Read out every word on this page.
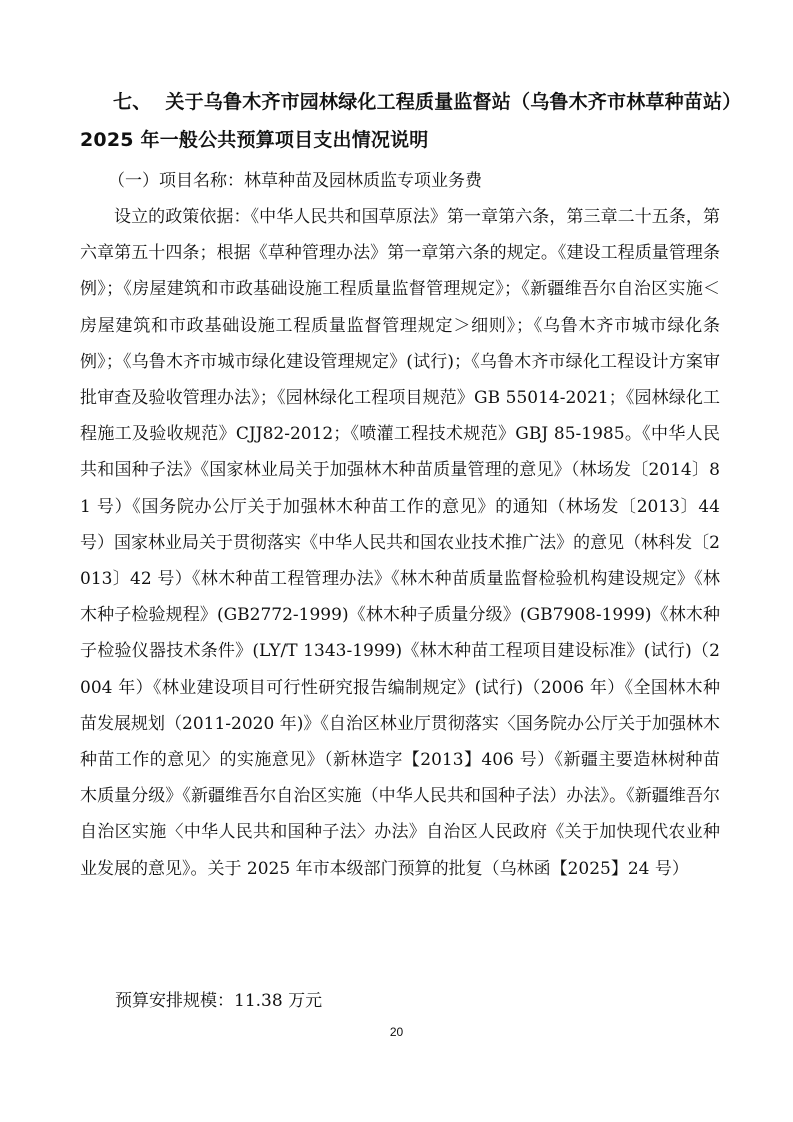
七、 关于乌鲁木齐市园林绿化工程质量监督站（乌鲁木齐市林草种苗站）
2025 年一般公共预算项目支出情况说明
（一）项目名称：林草种苗及园林质监专项业务费
设立的政策依据：《中华人民共和国草原法》第一章第六条，第三章二十五条，第六章第五十四条；根据《草种管理办法》第一章第六条的规定。《建设工程质量管理条例》；《房屋建筑和市政基础设施工程质量监督管理规定》；《新疆维吾尔自治区实施＜房屋建筑和市政基础设施工程质量监督管理规定＞细则》；《乌鲁木齐市城市绿化条例》；《乌鲁木齐市城市绿化建设管理规定》(试行)；《乌鲁木齐市绿化工程设计方案审批审查及验收管理办法》；《园林绿化工程项目规范》GB 55014-2021；《园林绿化工程施工及验收规范》CJJ82-2012；《喷灌工程技术规范》GBJ 85-1985。《中华人民共和国种子法》《国家林业局关于加强林木种苗质量管理的意见》（林场发〔2014〕81 号）《国务院办公厅关于加强林木种苗工作的意见》的通知（林场发〔2013〕44 号）国家林业局关于贯彻落实《中华人民共和国农业技术推广法》的意见（林科发〔2013〕42 号）《林木种苗工程管理办法》《林木种苗质量监督检验机构建设规定》《林木种子检验规程》(GB2772-1999)《林木种子质量分级》(GB7908-1999)《林木种子检验仪器技术条件》(LY/T 1343-1999)《林木种苗工程项目建设标准》(试行)（2004 年）《林业建设项目可行性研究报告编制规定》(试行)（2006 年）《全国林木种苗发展规划（2011-2020 年)》《自治区林业厅贯彻落实〈国务院办公厅关于加强林木种苗工作的意见〉的实施意见》（新林造字【2013】406 号）《新疆主要造林树种苗木质量分级》《新疆维吾尔自治区实施（中华人民共和国种子法）办法》。《新疆维吾尔自治区实施〈中华人民共和国种子法〉办法》自治区人民政府《关于加快现代农业种业发展的意见》。关于 2025 年市本级部门预算的批复（乌林函【2025】24 号）
预算安排规模：11.38 万元
20
